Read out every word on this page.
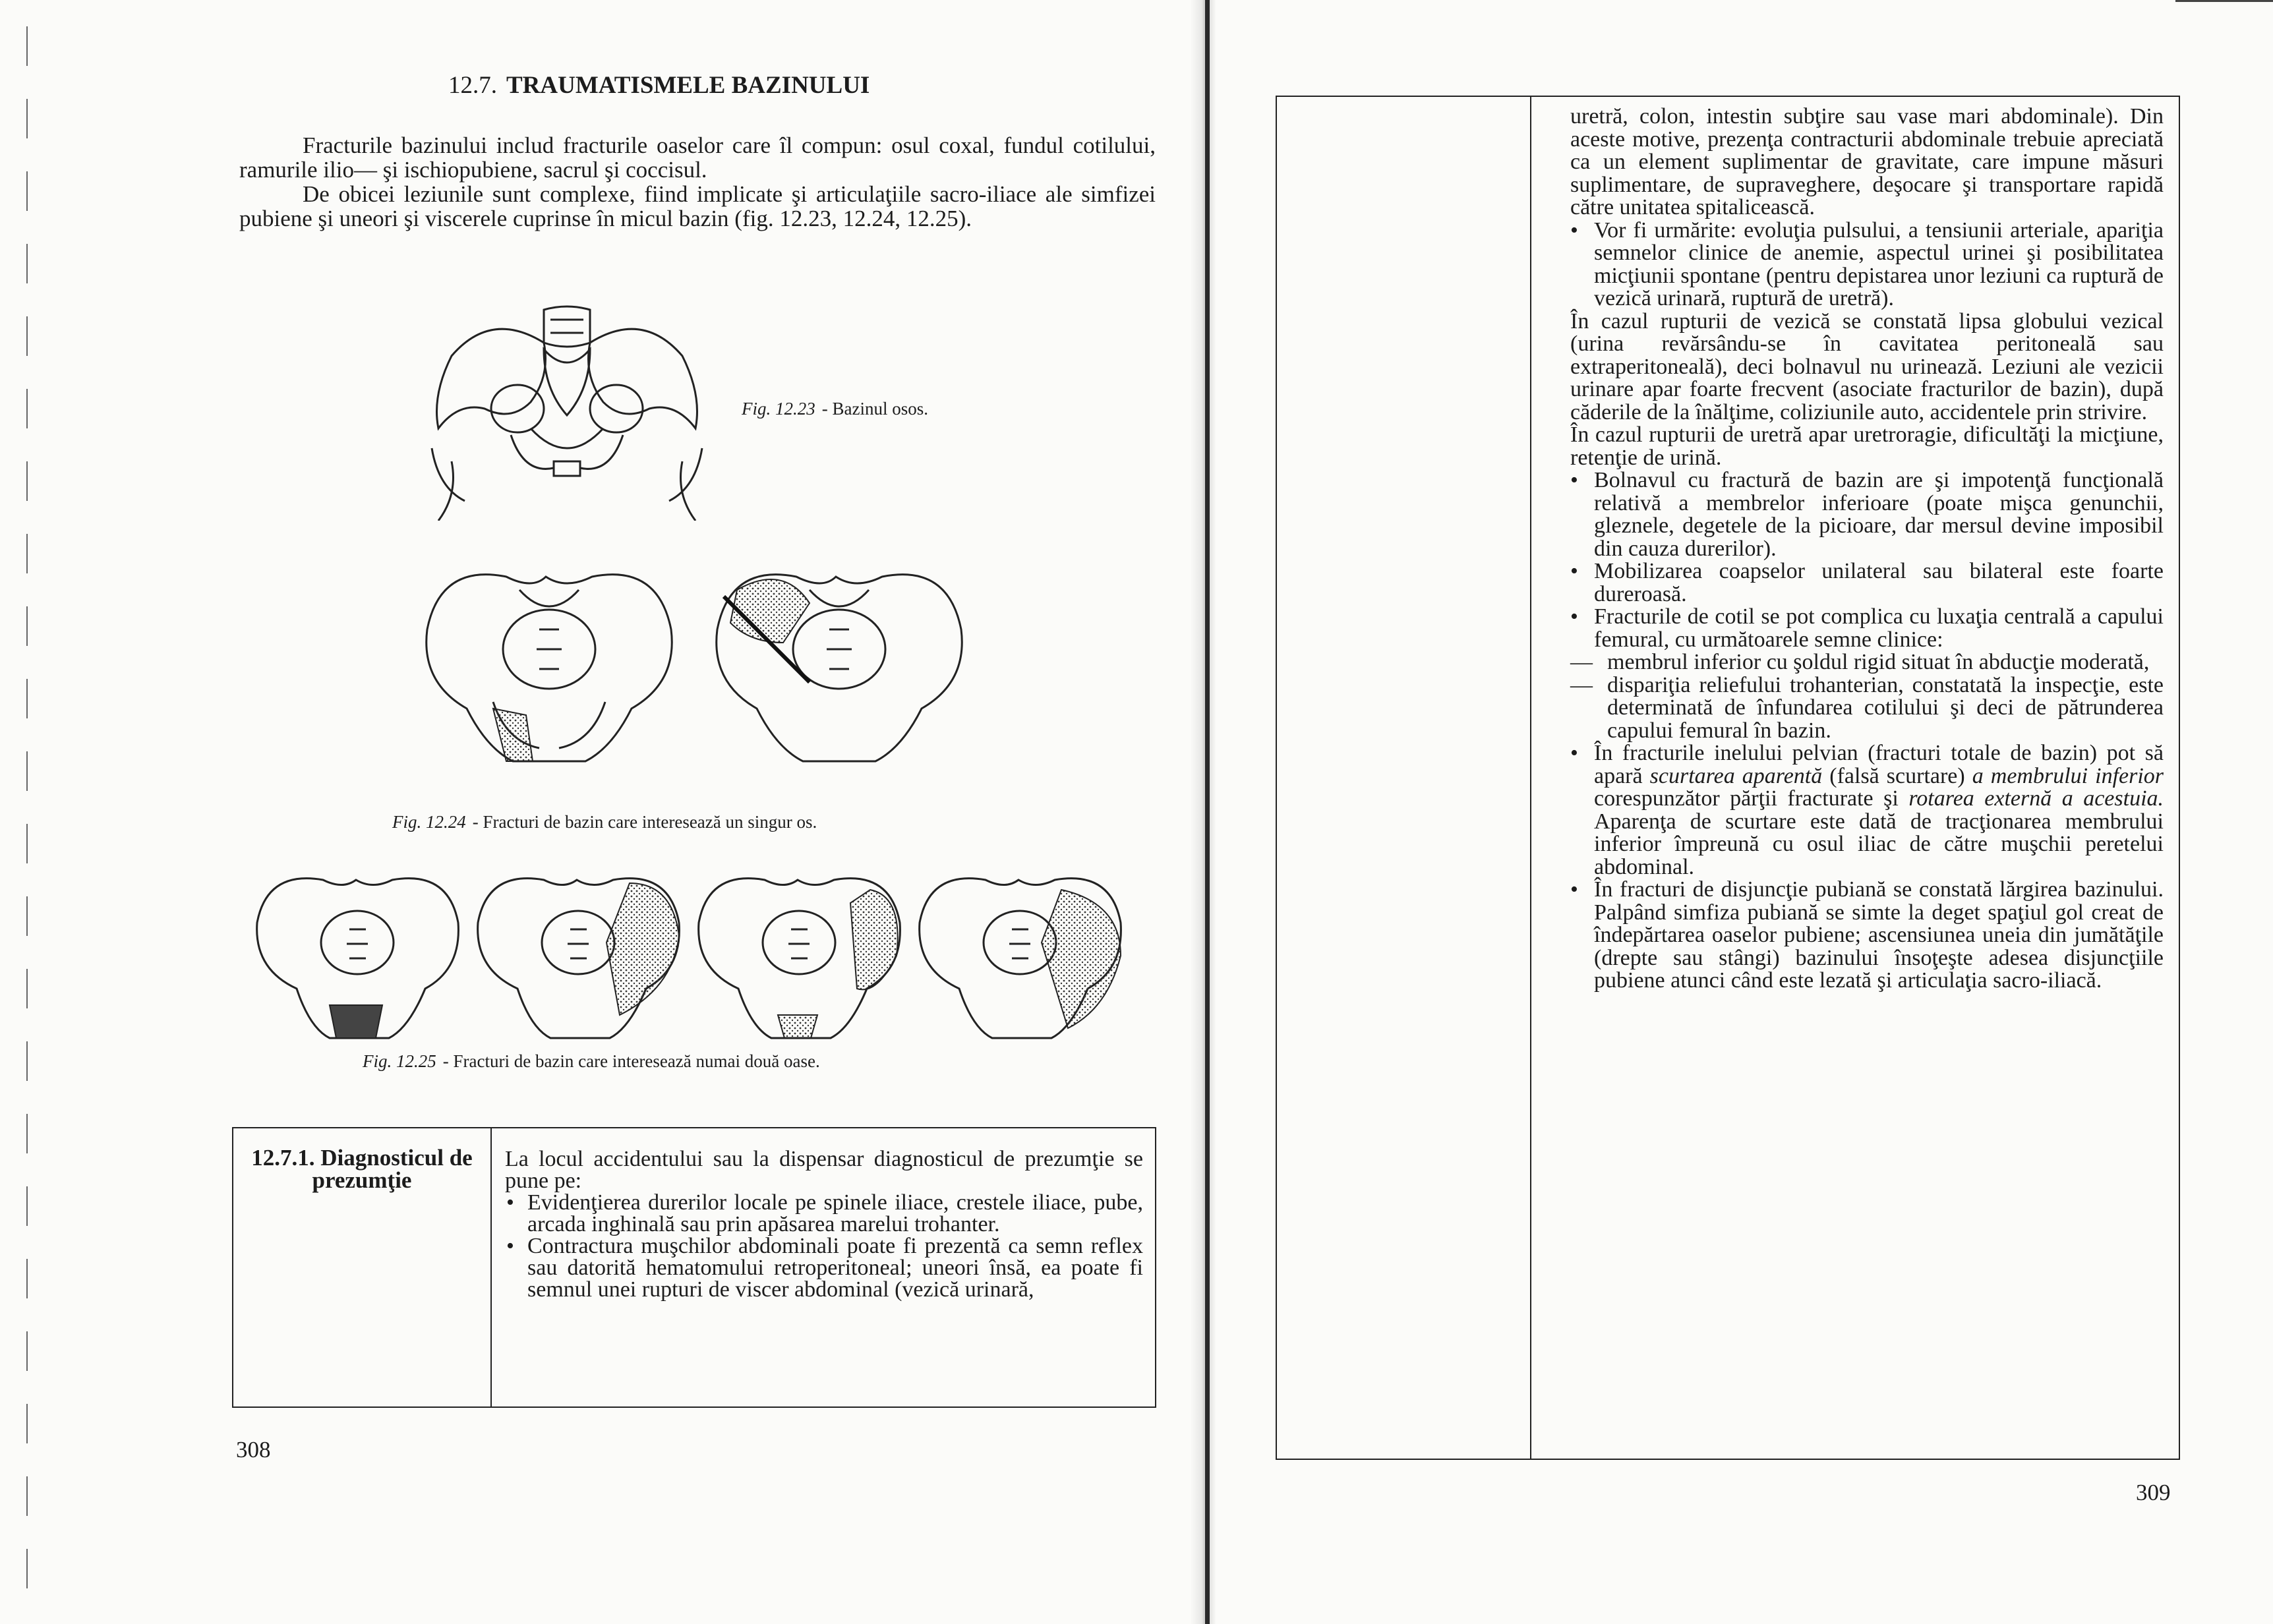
12.7. TRAUMATISMELE BAZINULUI

Fracturile bazinului includ fracturile oaselor care îl compun: osul coxal, fundul cotilului, ramurile ilio— şi ischiopubiene, sacrul şi coccisul.

De obicei leziunile sunt complexe, fiind implicate şi articulaţiile sacro-iliace ale simfizei pubiene şi uneori şi viscerele cuprinse în micul bazin (fig. 12.23, 12.24, 12.25).

Fig. 12.23 - Bazinul osos.
Fig. 12.24 - Fracturi de bazin care interesează un singur os.
Fig. 12.25 - Fracturi de bazin care interesează numai două oase.
12.7.1. Diagnosticul de prezumţie

La locul accidentului sau la dispensar diagnosticul de prezumţie se pune pe:

• Evidenţierea durerilor locale pe spinele iliace, crestele iliace, pube, arcada inghinală sau prin apăsarea marelui trohanter.
• Contractura muşchilor abdominali poate fi prezentă ca semn reflex sau datorită hematomului retroperitoneal; uneori însă, ea poate fi semnul unei rupturi de viscer abdominal (vezică urinară,
308

uretră, colon, intestin subţire sau vase mari abdominale). Din aceste motive, prezenţa contracturii abdominale trebuie apreciată ca un element suplimentar de gravitate, care impune măsuri suplimentare, de supraveghere, deşocare şi transportare rapidă către unitatea spitalicească.

• Vor fi urmărite: evoluţia pulsului, a tensiunii arteriale, apariţia semnelor clinice de anemie, aspectul urinei şi posibilitatea micţiunii spontane (pentru depistarea unor leziuni ca ruptură de vezică urinară, ruptură de uretră).

În cazul rupturii de vezică se constată lipsa globului vezical (urina revărsându-se în cavitatea peritoneală sau extraperitoneală), deci bolnavul nu urinează. Leziuni ale vezicii urinare apar foarte frecvent (asociate fracturilor de bazin), după căderile de la înălţime, coliziunile auto, accidentele prin strivire.

În cazul rupturii de uretră apar uretroragie, dificultăţi la micţiune, retenţie de urină.

• Bolnavul cu fractură de bazin are şi impotenţă funcţională relativă a membrelor inferioare (poate mişca genunchii, gleznele, degetele de la picioare, dar mersul devine imposibil din cauza durerilor).
• Mobilizarea coapselor unilateral sau bilateral este foarte dureroasă.
• Fracturile de cotil se pot complica cu luxaţia centrală a capului femural, cu următoarele semne clinice:
— membrul inferior cu şoldul rigid situat în abducţie moderată,
— dispariţia reliefului trohanterian, constatată la inspecţie, este determinată de înfundarea cotilului şi deci de pătrunderea capului femural în bazin.
• În fracturile inelului pelvian (fracturi totale de bazin) pot să apară scurtarea aparentă (falsă scurtare) a membrului inferior corespunzător părţii fracturate şi rotarea externă a acestuia. Aparenţa de scurtare este dată de tracţionarea membrului inferior împreună cu osul iliac de către muşchii peretelui abdominal.
• În fracturi de disjuncţie pubiană se constată lărgirea bazinului. Palpând simfiza pubiană se simte la deget spaţiul gol creat de îndepărtarea oaselor pubiene; ascensiunea uneia din jumătăţile (drepte sau stângi) bazinului însoţeşte adesea disjuncţiile pubiene atunci când este lezată şi articulaţia sacro-iliacă.
309
